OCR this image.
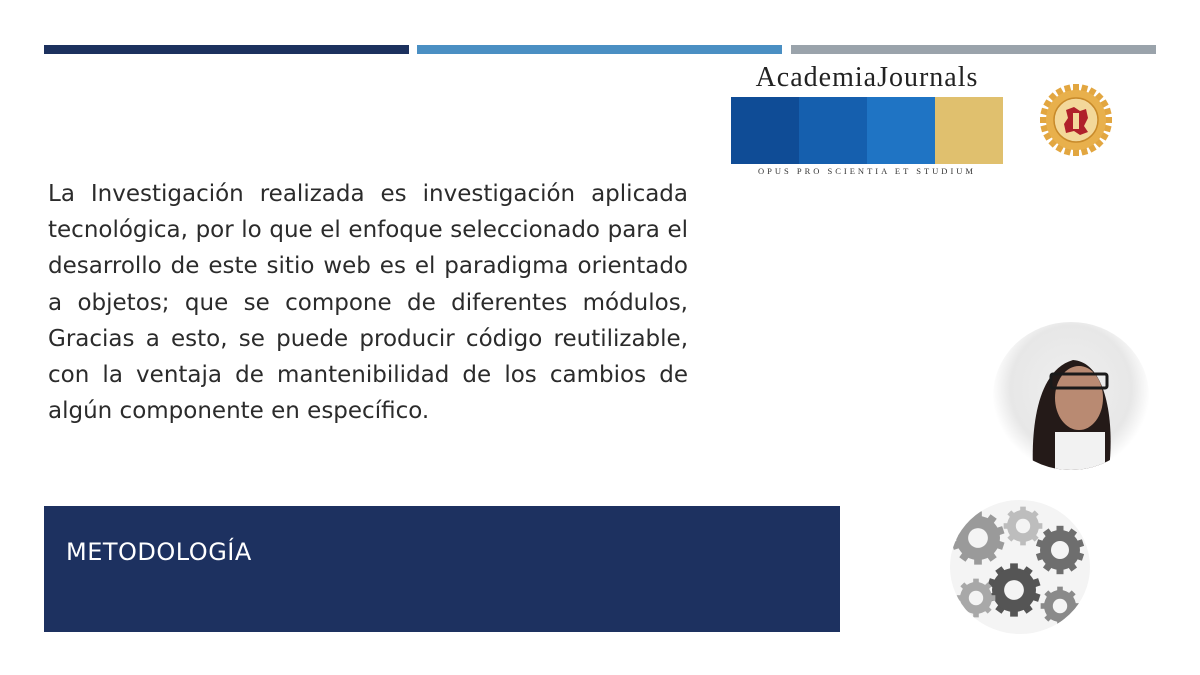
AcademiaJournals
OPUS PRO SCIENTIA ET STUDIUM

La Investigación realizada es investigación aplicada tecnológica, por lo que el enfoque seleccionado para el desarrollo de este sitio web es el paradigma orientado a objetos; que se compone de diferentes módulos, Gracias a esto, se puede producir código reutilizable, con la ventaja de mantenibilidad de los cambios de algún componente en específico.

METODOLOGÍA
